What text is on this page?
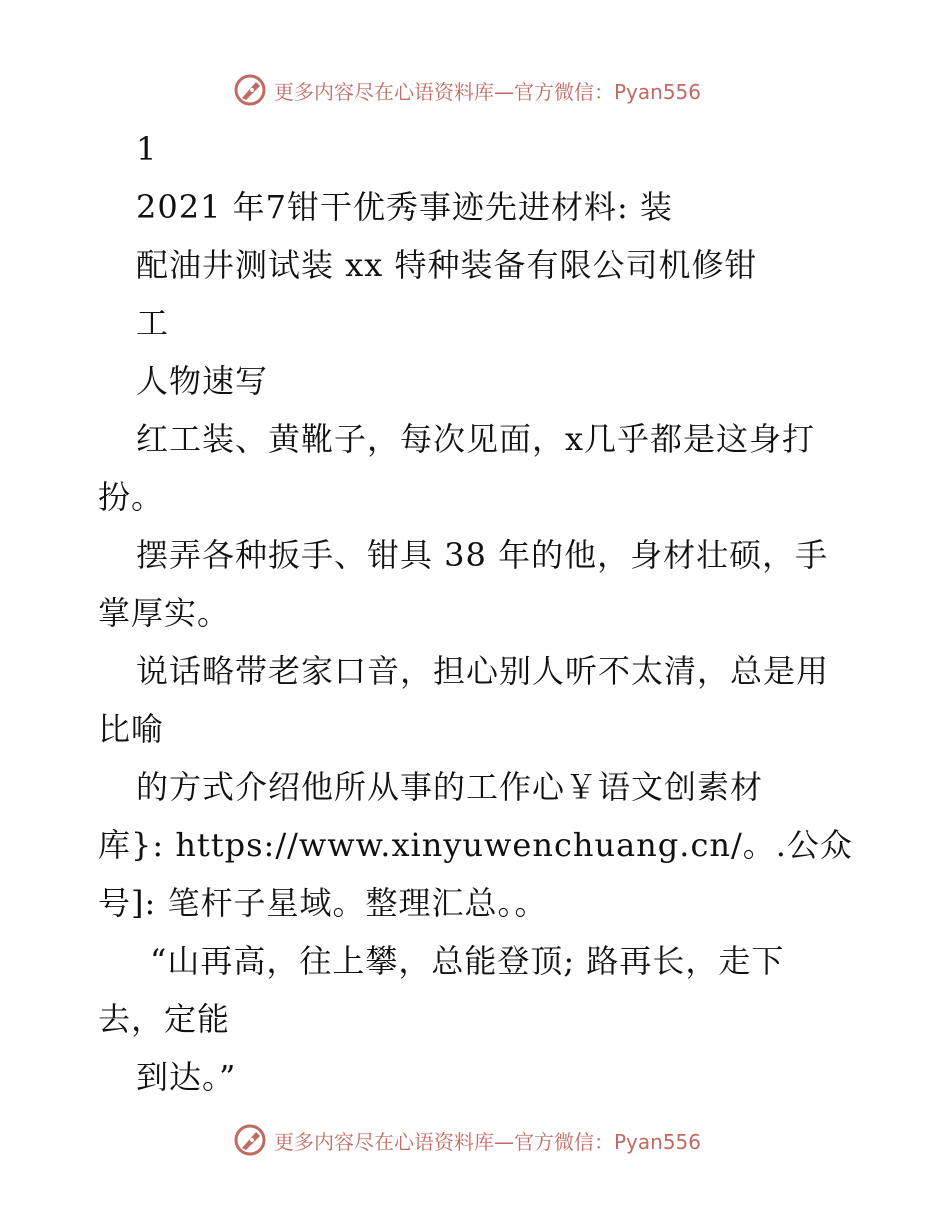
更多内容尽在心语资料库—官方微信：Pyan556
1
2021 年7钳干优秀事迹先进材料: 装
配油井测试装 xx 特种装备有限公司机修钳
工
人物速写
红工装、黄靴子，每次见面，x几乎都是这身打
扮。
摆弄各种扳手、钳具 38 年的他，身材壮硕，手
掌厚实。
说话略带老家口音，担心别人听不太清，总是用
比喻
的方式介绍他所从事的工作心￥语文创素材
库}: https://www.xinyuwenchuang.cn/。.公众
号]: 笔杆子星域。整理汇总。。
“山再高，往上攀，总能登顶; 路再长，走下
去，定能
到达。”
更多内容尽在心语资料库—官方微信：Pyan556
